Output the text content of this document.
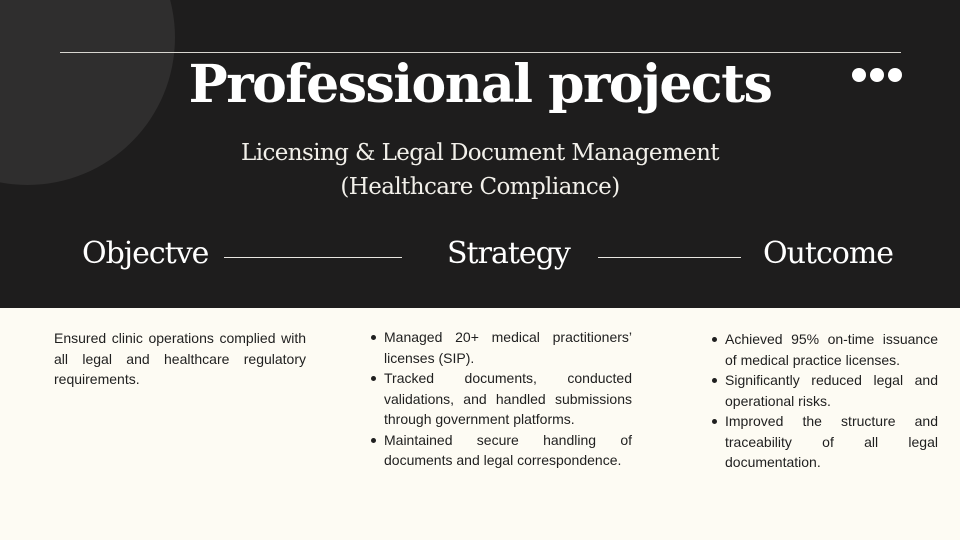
Professional projects
Licensing & Legal Document Management
(Healthcare Compliance)
Objectve	Strategy	Outcome

Ensured clinic operations complied with all legal and healthcare regulatory requirements.

Managed 20+ medical practitioners’ licenses (SIP).
Tracked documents, conducted validations, and handled submissions through government platforms.
Maintained secure handling of documents and legal correspondence.
Achieved 95% on-time issuance of medical practice licenses.
Significantly reduced legal and operational risks.
Improved the structure and traceability of all legal documentation.
